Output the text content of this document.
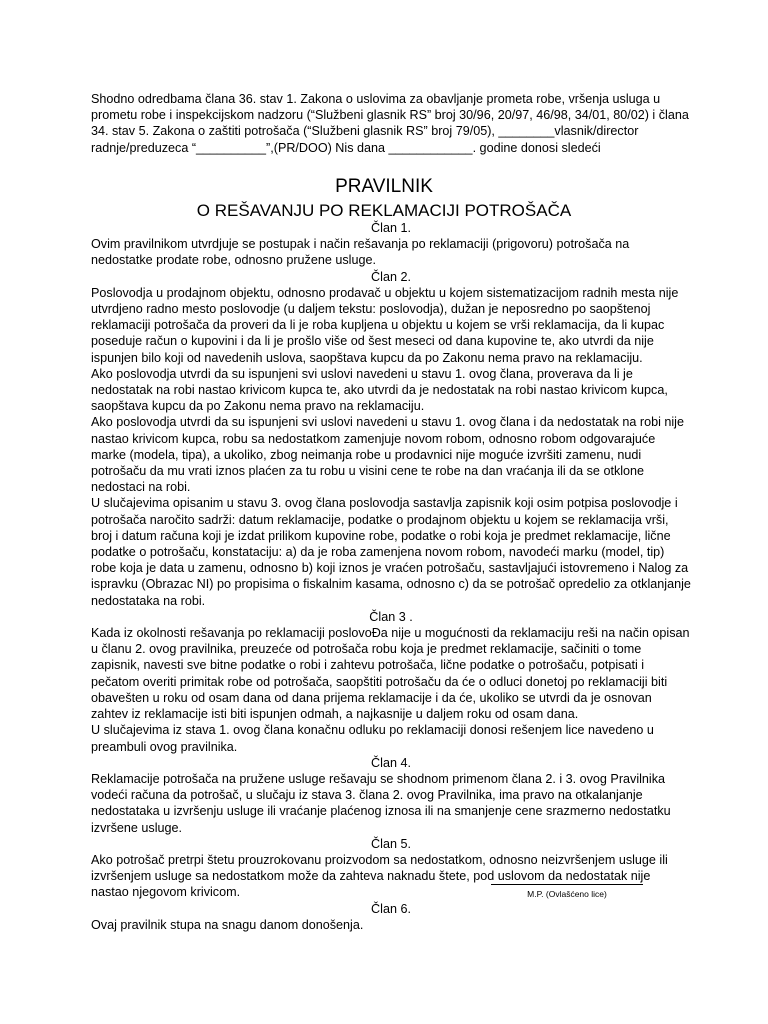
Shodno odredbama člana 36. stav 1. Zakona o uslovima za obavljanje prometa robe, vršenja usluga u prometu robe i inspekcijskom nadzoru (“Službeni glasnik RS” broj 30/96, 20/97, 46/98, 34/01, 80/02) i člana 34. stav 5. Zakona o zaštiti potrošača (“Službeni glasnik RS” broj 79/05), ________vlasnik/director radnje/preduzeca “__________”,(PR/DOO) Nis dana ____________. godine donosi sledeći

PRAVILNIK
O REŠAVANJU PO REKLAMACIJI POTROŠAČA
Član 1.
Ovim pravilnikom utvrdjuje se postupak i način rešavanja po reklamaciji (prigovoru) potrošača na nedostatke prodate robe, odnosno pružene usluge.
Član 2.
Poslovodja u prodajnom objektu, odnosno prodavač u objektu u kojem sistematizacijom radnih mesta nije utvrdjeno radno mesto poslovodje (u daljem tekstu: poslovodja), dužan je neposredno po saopštenoj reklamaciji potrošača da proveri da li je roba kupljena u objektu u kojem se vrši reklamacija, da li kupac poseduje račun o kupovini i da li je prošlo više od šest meseci od dana kupovine te, ako utvrdi da nije ispunjen bilo koji od navedenih uslova, saopštava kupcu da po Zakonu nema pravo na reklamaciju.
Ako poslovodja utvrdi da su ispunjeni svi uslovi navedeni u stavu 1. ovog člana, proverava da li je nedostatak na robi nastao krivicom kupca te, ako utvrdi da je nedostatak na robi nastao krivicom kupca, saopštava kupcu da po Zakonu nema pravo na reklamaciju.
Ako poslovodja utvrdi da su ispunjeni svi uslovi navedeni u stavu 1. ovog člana i da nedostatak na robi nije nastao krivicom kupca, robu sa nedostatkom zamenjuje novom robom, odnosno robom odgovarajuće marke (modela, tipa), a ukoliko, zbog neimanja robe u prodavnici nije moguće izvršiti zamenu, nudi potrošaču da mu vrati iznos plaćen za tu robu u visini cene te robe na dan vraćanja ili da se otklone nedostaci na robi.
U slučajevima opisanim u stavu 3. ovog člana poslovodja sastavlja zapisnik koji osim potpisa poslovodje i potrošača naročito sadrži: datum reklamacije, podatke o prodajnom objektu u kojem se reklamacija vrši, broj i datum računa koji je izdat prilikom kupovine robe, podatke o robi koja je predmet reklamacije, lične podatke o potrošaču, konstataciju: a) da je roba zamenjena novom robom, navodeći marku (model, tip) robe koja je data u zamenu, odnosno b) koji iznos je vraćen potrošaču, sastavljajući istovremeno i Nalog za ispravku (Obrazac NI) po propisima o fiskalnim kasama, odnosno c) da se potrošač opredelio za otklanjanje nedostataka na robi.
Član 3 .
Kada iz okolnosti rešavanja po reklamaciji poslovoĐa nije u mogućnosti da reklamaciju reši na način opisan u članu 2. ovog pravilnika, preuzeće od potrošača robu koja je predmet reklamacije, sačiniti o tome zapisnik, navesti sve bitne podatke o robi i zahtevu potrošača, lične podatke o potrošaču, potpisati i pečatom overiti primitak robe od potrošača, saopštiti potrošaču da će o odluci donetoj po reklamaciji biti obavešten u roku od osam dana od dana prijema reklamacije i da će, ukoliko se utvrdi da je osnovan zahtev iz reklamacije isti biti ispunjen odmah, a najkasnije u daljem roku od osam dana.
U slučajevima iz stava 1. ovog člana konačnu odluku po reklamaciji donosi rešenjem lice navedeno u preambuli ovog pravilnika.
Član 4.
Reklamacije potrošača na pružene usluge rešavaju se shodnom primenom člana 2. i 3. ovog Pravilnika vodeći računa da potrošač, u slučaju iz stava 3. člana 2. ovog Pravilnika, ima pravo na otkalanjanje nedostataka u izvršenju usluge ili vraćanje plaćenog iznosa ili na smanjenje cene srazmerno nedostatku izvršene usluge.
Član 5.
Ako potrošač pretrpi štetu prouzrokovanu proizvodom sa nedostatkom, odnosno neizvršenjem usluge ili izvršenjem usluge sa nedostatkom može da zahteva naknadu štete, pod uslovom da nedostatak nije nastao njegovom krivicom.
Član 6.
Ovaj pravilnik stupa na snagu danom donošenja.
M.P. (Ovlašćeno lice)
